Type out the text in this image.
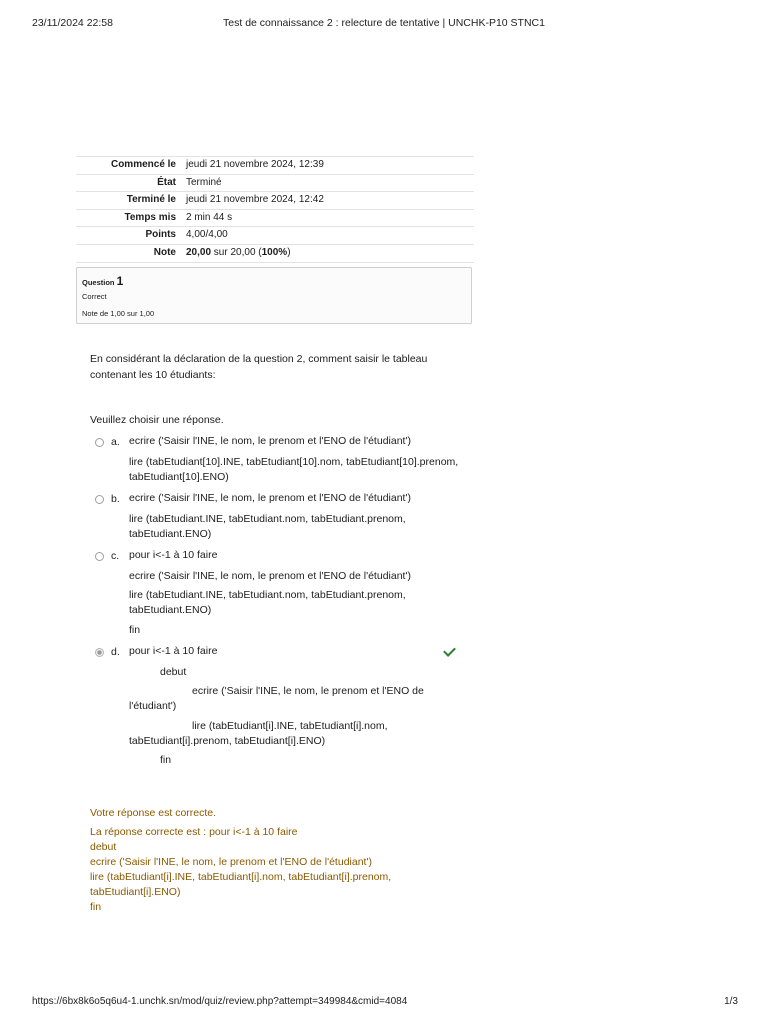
23/11/2024 22:58	Test de connaissance 2 : relecture de tentative | UNCHK-P10 STNC1
Commencé le	jeudi 21 novembre 2024, 12:39
État	Terminé
Terminé le	jeudi 21 novembre 2024, 12:42
Temps mis	2 min 44 s
Points	4,00/4,00
Note	20,00 sur 20,00 (100%)
Question 1
Correct
Note de 1,00 sur 1,00
En considérant la déclaration de la question 2, comment saisir le tableau contenant les 10 étudiants:
Veuillez choisir une réponse.
a. ecrire ('Saisir l'INE, le nom, le prenom et l'ENO de l'étudiant')
lire (tabEtudiant[10].INE, tabEtudiant[10].nom, tabEtudiant[10].prenom,
tabEtudiant[10].ENO)
b. ecrire ('Saisir l'INE, le nom, le prenom et l'ENO de l'étudiant')
lire (tabEtudiant.INE, tabEtudiant.nom, tabEtudiant.prenom,
tabEtudiant.ENO)
c. pour i<-1 à 10 faire
ecrire ('Saisir l'INE, le nom, le prenom et l'ENO de l'étudiant')
lire (tabEtudiant.INE, tabEtudiant.nom, tabEtudiant.prenom,
tabEtudiant.ENO)
fin
d. pour i<-1 à 10 faire
debut
ecrire ('Saisir l'INE, le nom, le prenom et l'ENO de
l'étudiant')
lire (tabEtudiant[i].INE, tabEtudiant[i].nom,
tabEtudiant[i].prenom, tabEtudiant[i].ENO)
fin
Votre réponse est correcte.
La réponse correcte est : pour i<-1 à 10 faire
debut
ecrire ('Saisir l'INE, le nom, le prenom et l'ENO de l'étudiant')
lire (tabEtudiant[i].INE, tabEtudiant[i].nom, tabEtudiant[i].prenom,
tabEtudiant[i].ENO)
fin
https://6bx8k6o5q6u4-1.unchk.sn/mod/quiz/review.php?attempt=349984&cmid=4084	1/3
